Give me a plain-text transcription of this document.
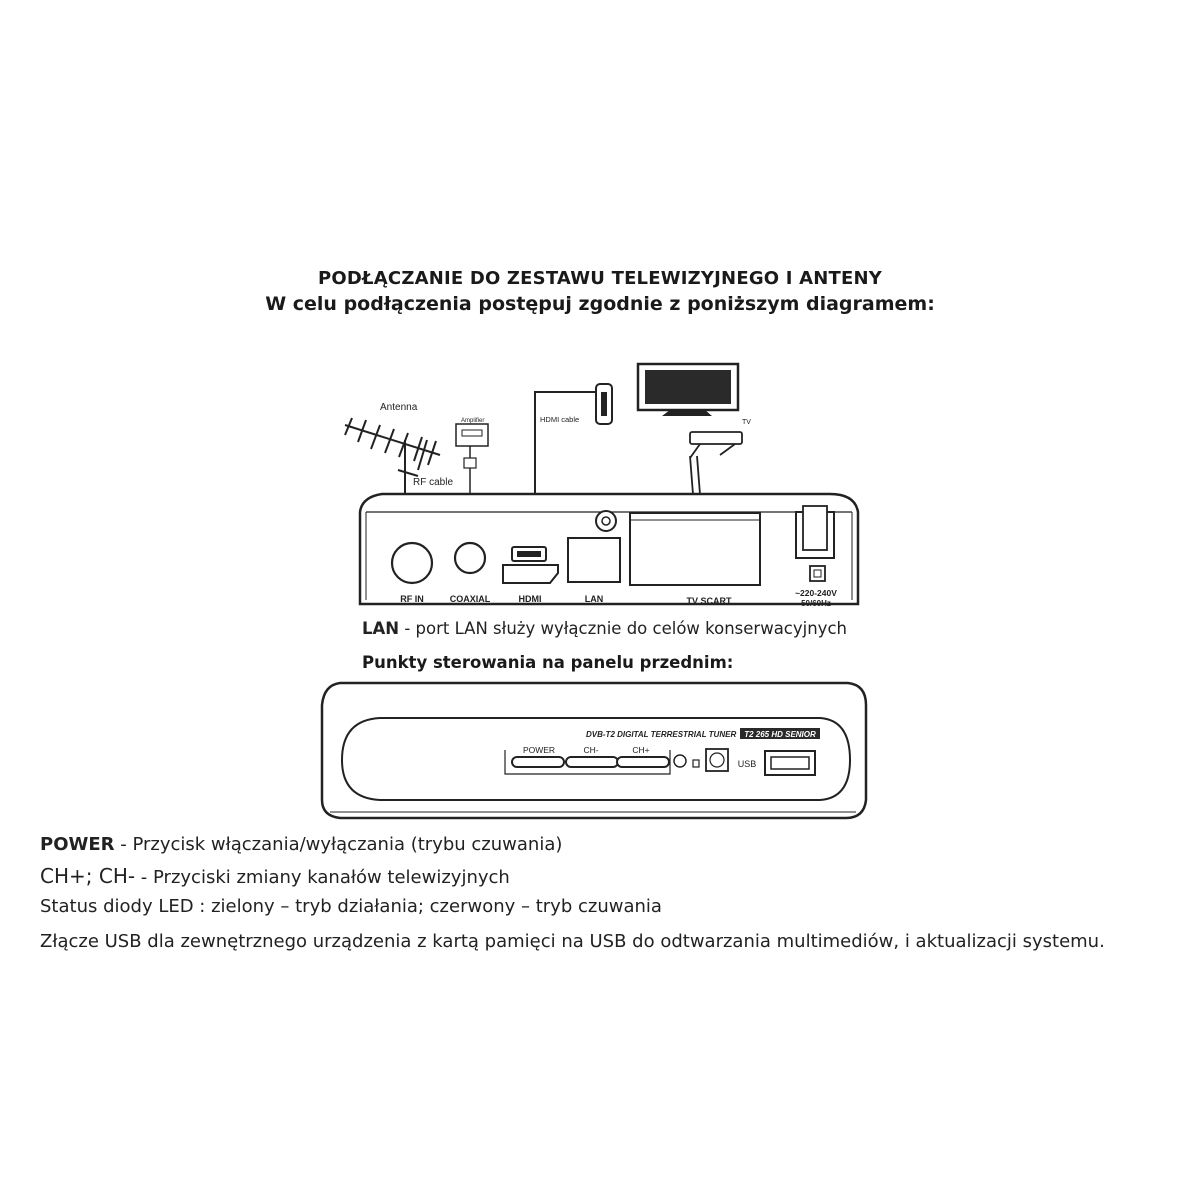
PODŁĄCZANIE DO ZESTAWU TELEWIZYJNEGO I ANTENY
W celu podłączenia postępuj zgodnie z poniższym diagramem:
Antenna
RF cable
Amplifier	HDMI cable	TV
RF IN	COAXIAL	HDMI	LAN	TV SCART
~220-240V
50/60Hz
DVB-T2 DIGITAL TERRESTRIAL TUNER T2 265 HD SENIOR
POWER	CH-	CH+
USB
LAN - port LAN służy wyłącznie do celów konserwacyjnych
Punkty sterowania na panelu przednim:
POWER - Przycisk włączania/wyłączania (trybu czuwania)
CH+; CH- - Przyciski zmiany kanałów telewizyjnych
Status diody LED : zielony – tryb działania; czerwony – tryb czuwania
Złącze USB dla zewnętrznego urządzenia z kartą pamięci na USB do odtwarzania multimediów, i aktualizacji systemu.
